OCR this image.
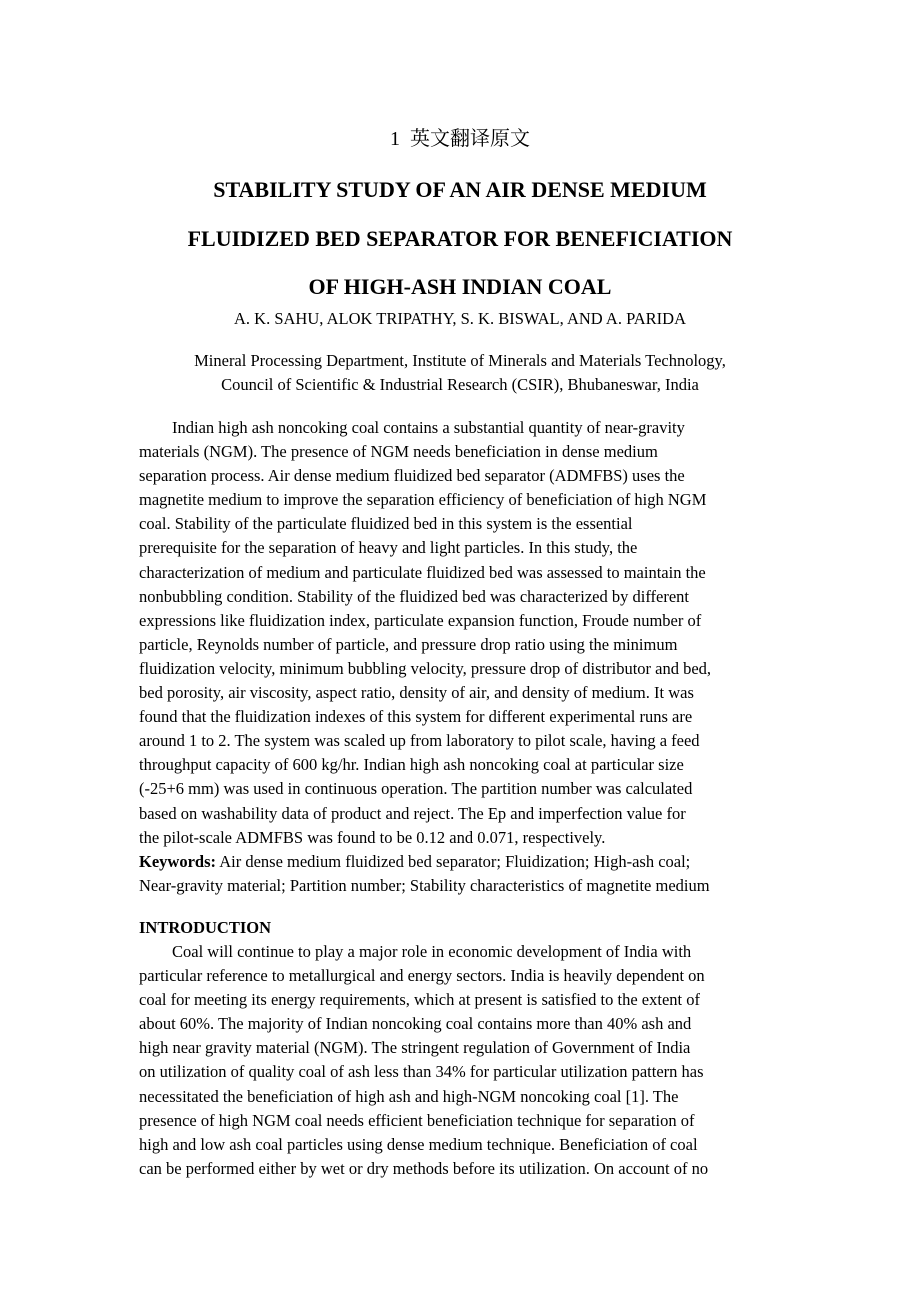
1 英文翻译原文
STABILITY STUDY OF AN AIR DENSE MEDIUM
FLUIDIZED BED SEPARATOR FOR BENEFICIATION
OF HIGH-ASH INDIAN COAL
A. K. SAHU, ALOK TRIPATHY, S. K. BISWAL, AND A. PARIDA
Mineral Processing Department, Institute of Minerals and Materials Technology,
Council of Scientific & Industrial Research (CSIR), Bhubaneswar, India
Indian high ash noncoking coal contains a substantial quantity of near-gravity
materials (NGM). The presence of NGM needs beneficiation in dense medium
separation process. Air dense medium fluidized bed separator (ADMFBS) uses the
magnetite medium to improve the separation efficiency of beneficiation of high NGM
coal. Stability of the particulate fluidized bed in this system is the essential
prerequisite for the separation of heavy and light particles. In this study, the
characterization of medium and particulate fluidized bed was assessed to maintain the
nonbubbling condition. Stability of the fluidized bed was characterized by different
expressions like fluidization index, particulate expansion function, Froude number of
particle, Reynolds number of particle, and pressure drop ratio using the minimum
fluidization velocity, minimum bubbling velocity, pressure drop of distributor and bed,
bed porosity, air viscosity, aspect ratio, density of air, and density of medium. It was
found that the fluidization indexes of this system for different experimental runs are
around 1 to 2. The system was scaled up from laboratory to pilot scale, having a feed
throughput capacity of 600 kg/hr. Indian high ash noncoking coal at particular size
(-25+6 mm) was used in continuous operation. The partition number was calculated
based on washability data of product and reject. The Ep and imperfection value for
the pilot-scale ADMFBS was found to be 0.12 and 0.071, respectively.
Keywords: Air dense medium fluidized bed separator; Fluidization; High-ash coal;
Near-gravity material; Partition number; Stability characteristics of magnetite medium
INTRODUCTION
Coal will continue to play a major role in economic development of India with
particular reference to metallurgical and energy sectors. India is heavily dependent on
coal for meeting its energy requirements, which at present is satisfied to the extent of
about 60%. The majority of Indian noncoking coal contains more than 40% ash and
high near gravity material (NGM). The stringent regulation of Government of India
on utilization of quality coal of ash less than 34% for particular utilization pattern has
necessitated the beneficiation of high ash and high-NGM noncoking coal [1]. The
presence of high NGM coal needs efficient beneficiation technique for separation of
high and low ash coal particles using dense medium technique. Beneficiation of coal
can be performed either by wet or dry methods before its utilization. On account of no
